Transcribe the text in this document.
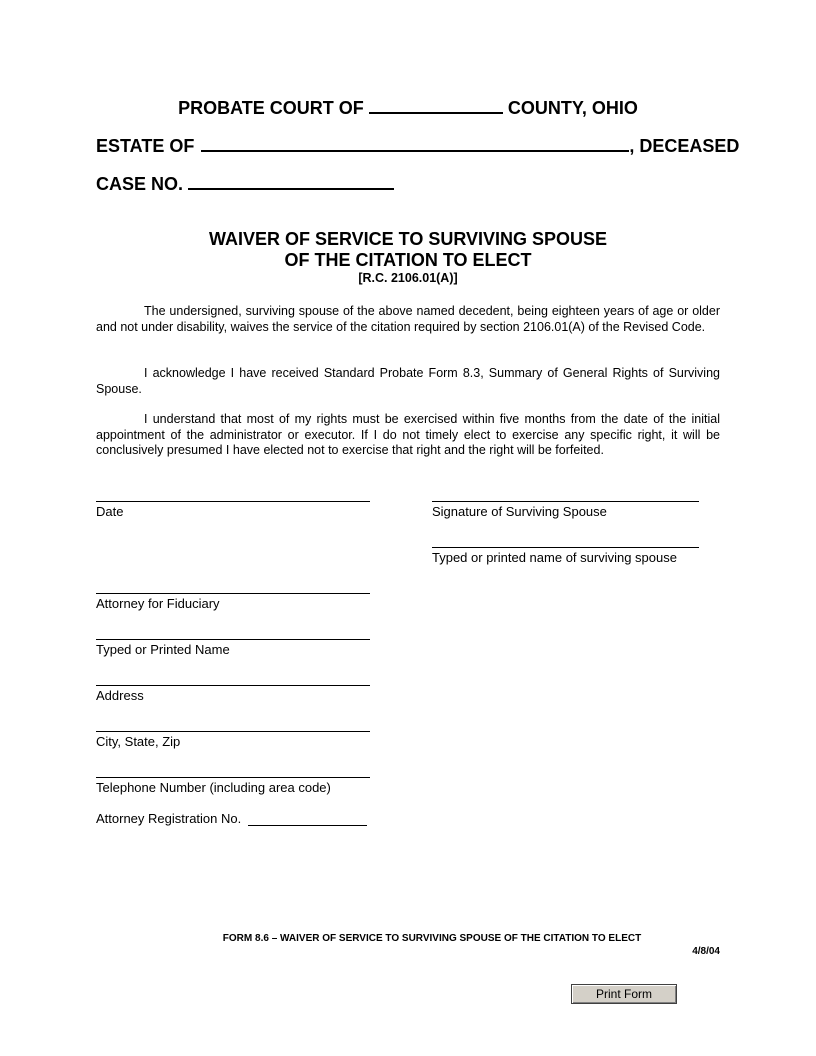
PROBATE COURT OF	COUNTY, OHIO
ESTATE OF	, DECEASED
CASE NO.
WAIVER OF SERVICE TO SURVIVING SPOUSE
OF THE CITATION TO ELECT
[R.C. 2106.01(A)]
The undersigned, surviving spouse of the above named decedent, being eighteen years of age or older and not under disability, waives the service of the citation required by section 2106.01(A) of the Revised Code.
I acknowledge I have received Standard Probate Form 8.3, Summary of General Rights of Surviving Spouse.
I understand that most of my rights must be exercised within five months from the date of the initial appointment of the administrator or executor. If I do not timely elect to exercise any specific right, it will be conclusively presumed I have elected not to exercise that right and the right will be forfeited.
Date	Signature of Surviving Spouse
Typed or printed name of surviving spouse
Attorney for Fiduciary
Typed or Printed Name
Address
City, State, Zip
Telephone Number (including area code)
Attorney Registration No.
FORM 8.6 – WAIVER OF SERVICE TO SURVIVING SPOUSE OF THE CITATION TO ELECT
4/8/04
Print Form
